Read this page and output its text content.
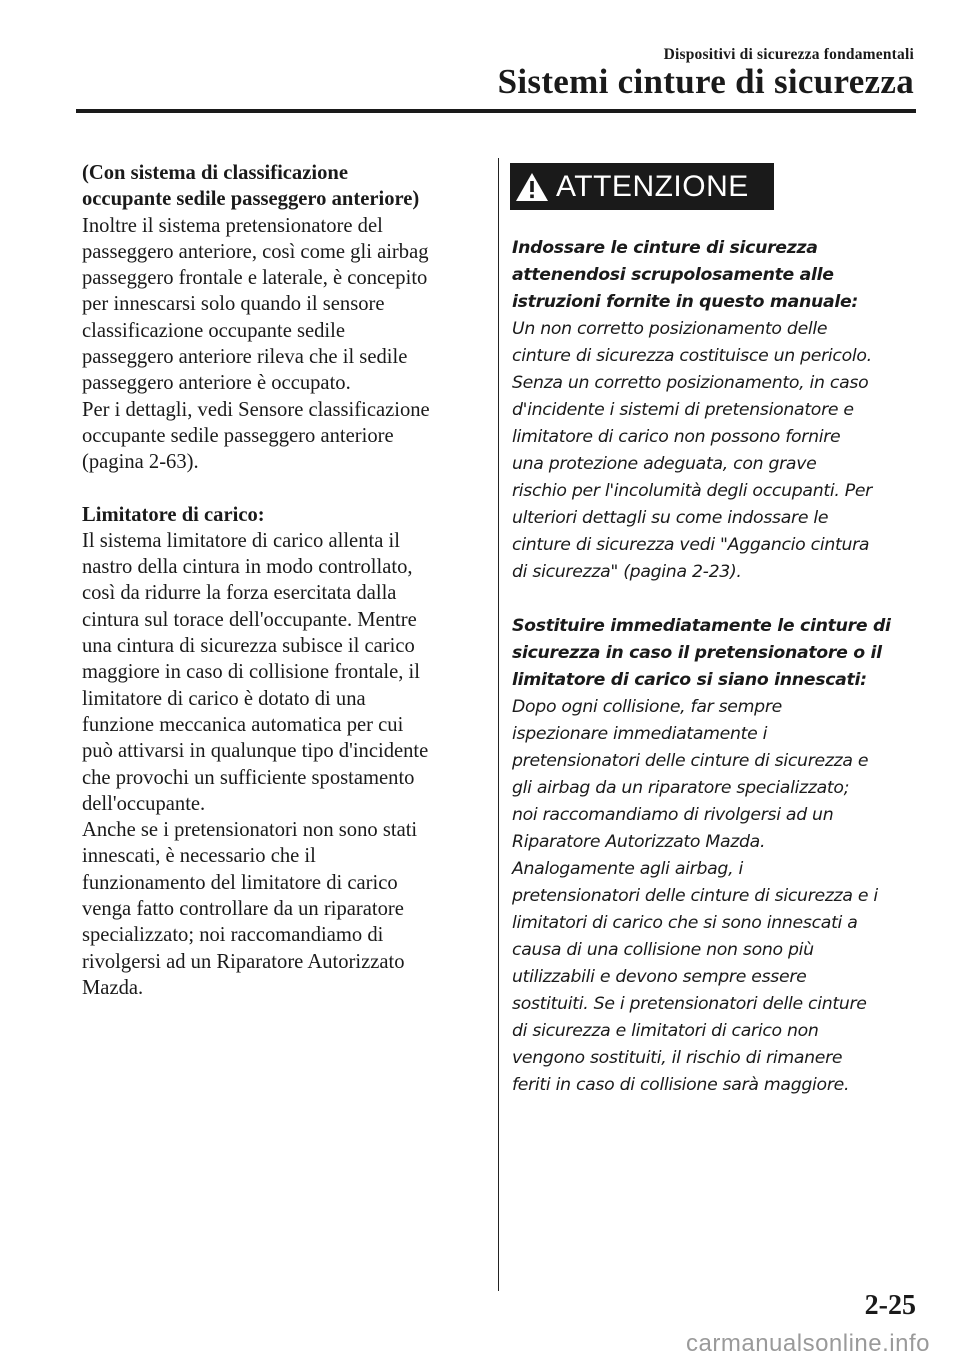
Dispositivi di sicurezza fondamentali
Sistemi cinture di sicurezza

(Con sistema di classificazione

occupante sedile passeggero anteriore)

Inoltre il sistema pretensionatore del

passeggero anteriore, così come gli airbag

passeggero frontale e laterale, è concepito

per innescarsi solo quando il sensore

classificazione occupante sedile

passeggero anteriore rileva che il sedile

passeggero anteriore è occupato.

Per i dettagli, vedi Sensore classificazione

occupante sedile passeggero anteriore

(pagina 2-63).

Limitatore di carico:

Il sistema limitatore di carico allenta il

nastro della cintura in modo controllato,

così da ridurre la forza esercitata dalla

cintura sul torace dell'occupante. Mentre

una cintura di sicurezza subisce il carico

maggiore in caso di collisione frontale, il

limitatore di carico è dotato di una

funzione meccanica automatica per cui

può attivarsi in qualunque tipo d'incidente

che provochi un sufficiente spostamento

dell'occupante.

Anche se i pretensionatori non sono stati

innescati, è necessario che il

funzionamento del limitatore di carico

venga fatto controllare da un riparatore

specializzato; noi raccomandiamo di

rivolgersi ad un Riparatore Autorizzato

Mazda.

ATTENZIONE

Indossare le cinture di sicurezza

attenendosi scrupolosamente alle

istruzioni fornite in questo manuale:

Un non corretto posizionamento delle

cinture di sicurezza costituisce un pericolo.

Senza un corretto posizionamento, in caso

d'incidente i sistemi di pretensionatore e

limitatore di carico non possono fornire

una protezione adeguata, con grave

rischio per l'incolumità degli occupanti. Per

ulteriori dettagli su come indossare le

cinture di sicurezza vedi "Aggancio cintura

di sicurezza" (pagina 2-23).

Sostituire immediatamente le cinture di

sicurezza in caso il pretensionatore o il

limitatore di carico si siano innescati:

Dopo ogni collisione, far sempre

ispezionare immediatamente i

pretensionatori delle cinture di sicurezza e

gli airbag da un riparatore specializzato;

noi raccomandiamo di rivolgersi ad un

Riparatore Autorizzato Mazda.

Analogamente agli airbag, i

pretensionatori delle cinture di sicurezza e i

limitatori di carico che si sono innescati a

causa di una collisione non sono più

utilizzabili e devono sempre essere

sostituiti. Se i pretensionatori delle cinture

di sicurezza e limitatori di carico non

vengono sostituiti, il rischio di rimanere

feriti in caso di collisione sarà maggiore.

2-25
carmanualsonline.info
